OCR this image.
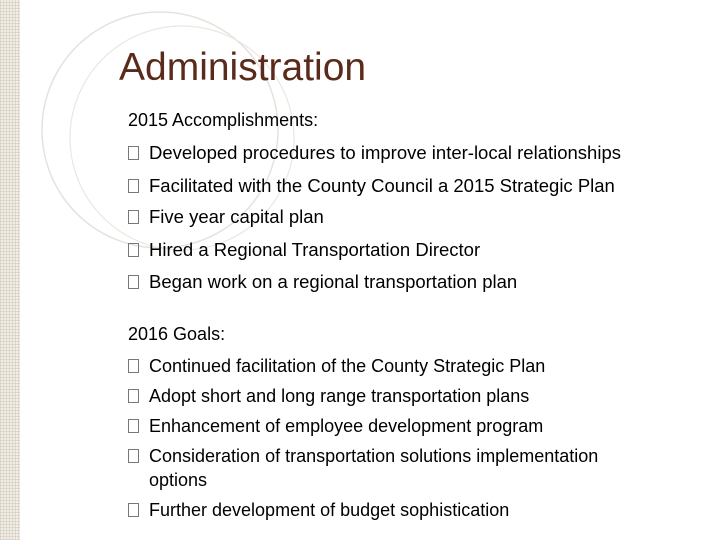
Administration
2015 Accomplishments:
Developed procedures to improve inter-local relationships
Facilitated with the County Council a 2015 Strategic Plan
Five year capital plan
Hired a Regional Transportation Director
Began work on a regional transportation plan
2016 Goals:
Continued facilitation of the County Strategic Plan
Adopt short and long range transportation plans
Enhancement of employee development program
Consideration of transportation solutions implementation
options
Further development of budget sophistication
